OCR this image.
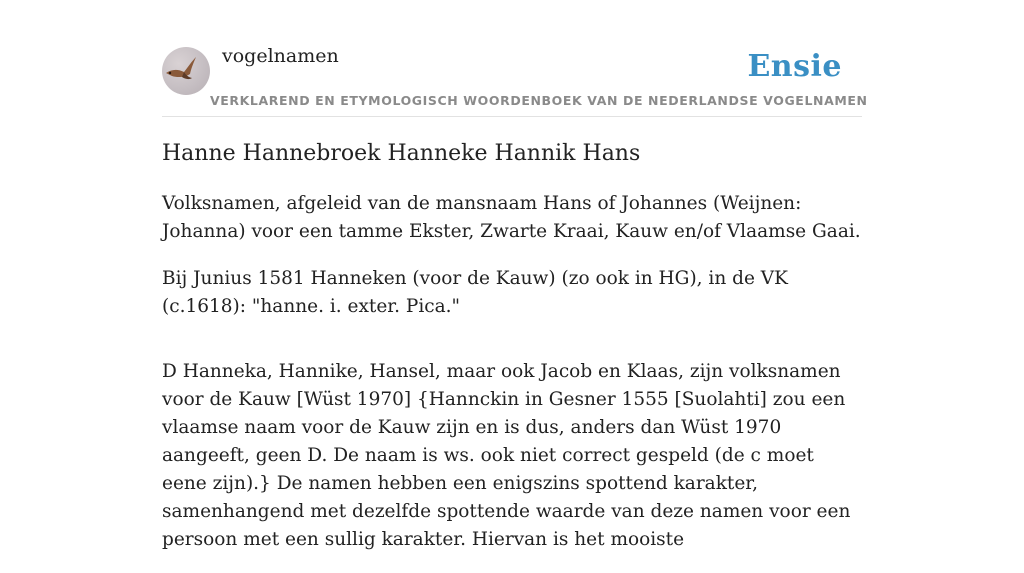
vogelnamen	Ensie
VERKLAREND EN ETYMOLOGISCH WOORDENBOEK VAN DE NEDERLANDSE VOGELNAMEN
Hanne Hannebroek Hanneke Hannik Hans

Volksnamen, afgeleid van de mansnaam Hans of Johannes (Weijnen: Johanna) voor een tamme Ekster, Zwarte Kraai, Kauw en/of Vlaamse Gaai.

Bij Junius 1581 Hanneken (voor de Kauw) (zo ook in HG), in de VK (c.1618): "hanne. i. exter. Pica."

D Hanneka, Hannike, Hansel, maar ook Jacob en Klaas, zijn volksnamen voor de Kauw [Wüst 1970] {Hannckin in Gesner 1555 [Suolahti] zou een vlaamse naam voor de Kauw zijn en is dus, anders dan Wüst 1970 aangeeft, geen D. De naam is ws. ook niet correct gespeld (de c moet eene zijn).} De namen hebben een enigszins spottend karakter, samenhangend met dezelfde spottende waarde van deze namen voor een persoon met een sullig karakter. Hiervan is het mooiste
